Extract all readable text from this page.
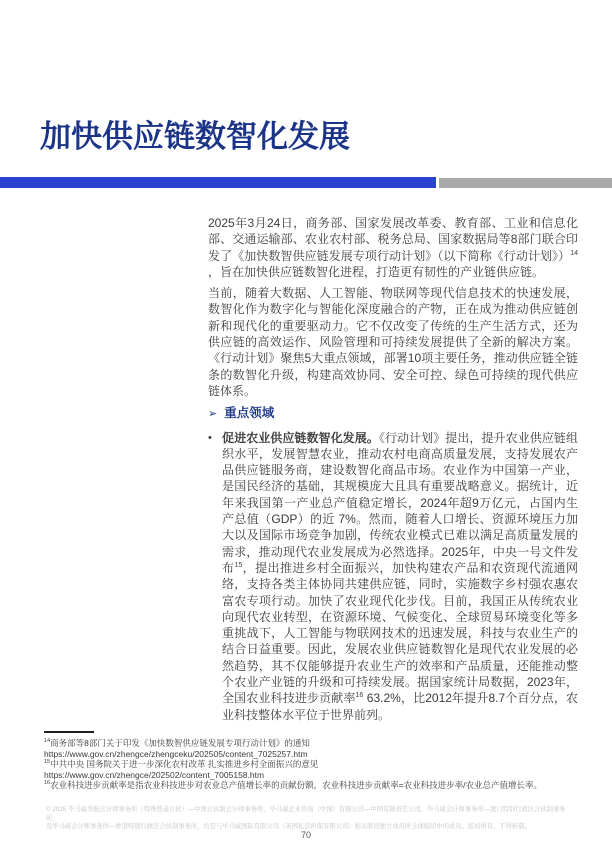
加快供应链数智化发展

2025年3月24日，商务部、国家发展改革委、教育部、工业和信息化部、交通运输部、农业农村部、税务总局、国家数据局等8部门联合印发了《加快数智供应链发展专项行动计划》（以下简称《行动计划》）$^{14}$ ，旨在加快供应链数智化进程，打造更有韧性的产业链供应链。

当前，随着大数据、人工智能、物联网等现代信息技术的快速发展，数智化作为数字化与智能化深度融合的产物，正在成为推动供应链创新和现代化的重要驱动力。它不仅改变了传统的生产生活方式，还为供应链的高效运作、风险管理和可持续发展提供了全新的解决方案。《行动计划》聚焦5大重点领域，部署10项主要任务，推动供应链全链条的数智化升级，构建高效协同、安全可控、绿色可持续的现代供应链体系。

➢ 重点领域

• 促进农业供应链数智化发展。《行动计划》提出，提升农业供应链组织水平，发展智慧农业，推动农村电商高质量发展，支持发展农产品供应链服务商，建设数智化商品市场。农业作为中国第一产业，是国民经济的基础，其规模庞大且具有重要战略意义。据统计，近年来我国第一产业总产值稳定增长，2024年超9万亿元，占国内生产总值（GDP）的近 7%。然而，随着人口增长、资源环境压力加大以及国际市场竞争加剧，传统农业模式已难以满足高质量发展的需求，推动现代农业发展成为必然选择。2025年，中央一号文件发布$^{15}$，提出推进乡村全面振兴，加快构建农产品和农资现代流通网络，支持各类主体协同共建供应链，同时，实施数字乡村强农惠农富农专项行动。加快了农业现代化步伐。目前，我国正从传统农业向现代农业转型，在资源环境、气候变化、全球贸易环境变化等多重挑战下，人工智能与物联网技术的迅速发展，科技与农业生产的结合日益重要。因此，发展农业供应链数智化是现代农业发展的必然趋势，其不仅能够提升农业生产的效率和产品质量，还能推动整个农业产业链的升级和可持续发展。据国家统计局数据，2023年，全国农业科技进步贡献率$^{16}$ 63.2%，比2012年提升8.7个百分点，农业科技整体水平位于世界前列。

$^{14}$商务部等8部门关于印发《加快数智供应链发展专项行动计划》的通知
https://www.gov.cn/zhengce/zhengceku/202505/content_7025257.htm
$^{15}$中共中央 国务院关于进一步深化农村改革 扎实推进乡村全面振兴的意见
https://www.gov.cn/zhengce/202502/content_7005158.htm
$^{16}$农业科技进步贡献率是指农业科技进步对农业总产值增长率的贡献份额，农业科技进步贡献率=农业科技进步率/农业总产值增长率。
© 2025 毕马威华振会计师事务所（特殊普通合伙）—中国合伙制会计师事务所，毕马威企业咨询（中国）有限公司—中国有限责任公司，毕马威会计师事务所—澳门特别行政区合伙制事务所，
及毕马威会计师事务所—香港特别行政区合伙制事务所，均是与毕马威国际有限公司（英国私营担保有限公司）相关联的独立成员所全球组织中的成员。版权所有，不得转载。
70
